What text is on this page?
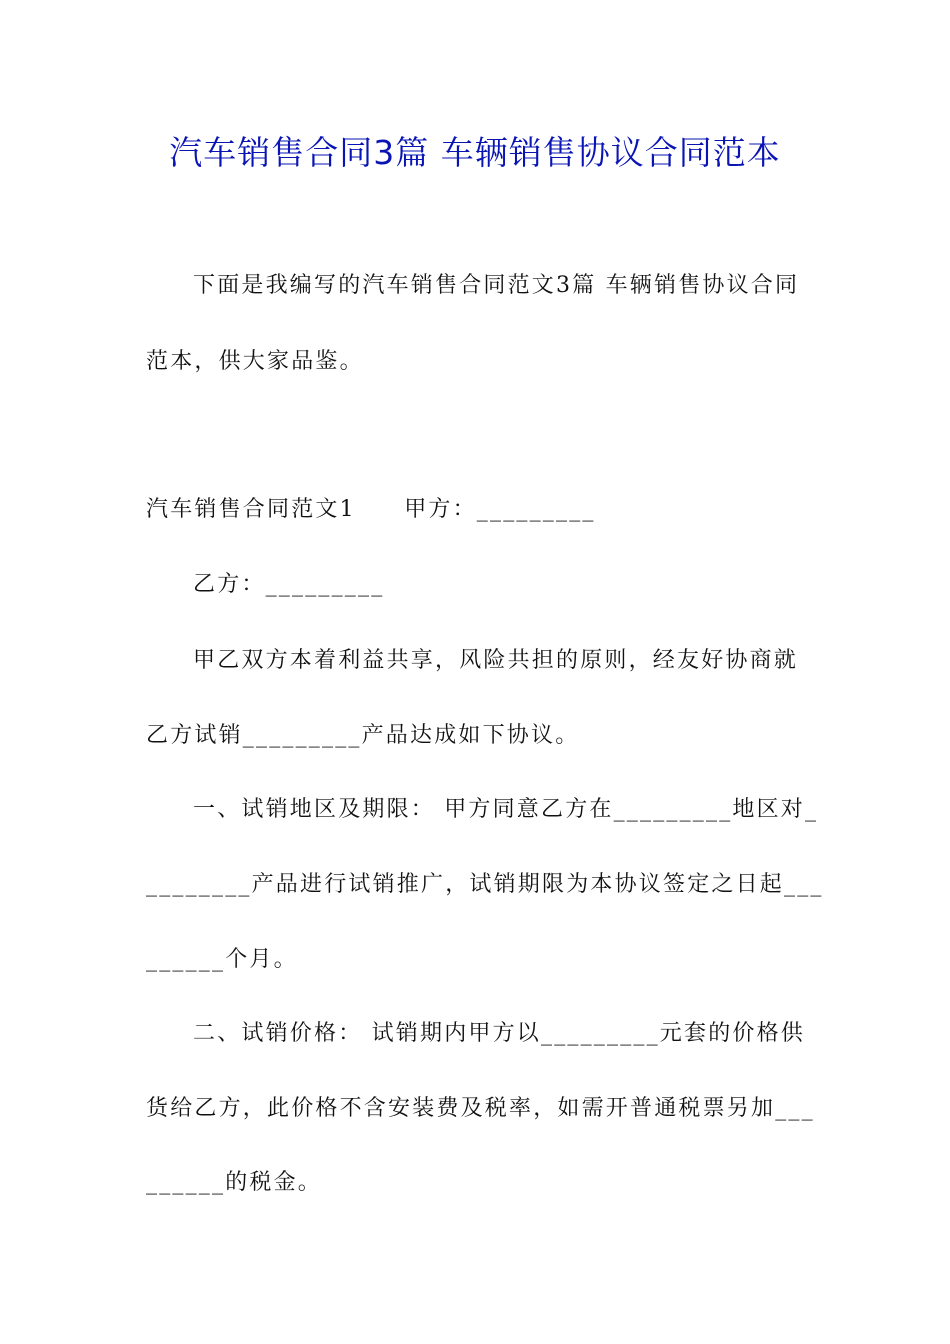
汽车销售合同3篇 车辆销售协议合同范本
下面是我编写的汽车销售合同范文3篇 车辆销售协议合同
范本，供大家品鉴。
汽车销售合同范文1　　甲方：_________
乙方：_________
甲乙双方本着利益共享，风险共担的原则，经友好协商就
乙方试销_________产品达成如下协议。
一、试销地区及期限： 甲方同意乙方在_________地区对_
________产品进行试销推广，试销期限为本协议签定之日起___
______个月。
二、试销价格： 试销期内甲方以_________元套的价格供
货给乙方，此价格不含安装费及税率，如需开普通税票另加___
______的税金。
